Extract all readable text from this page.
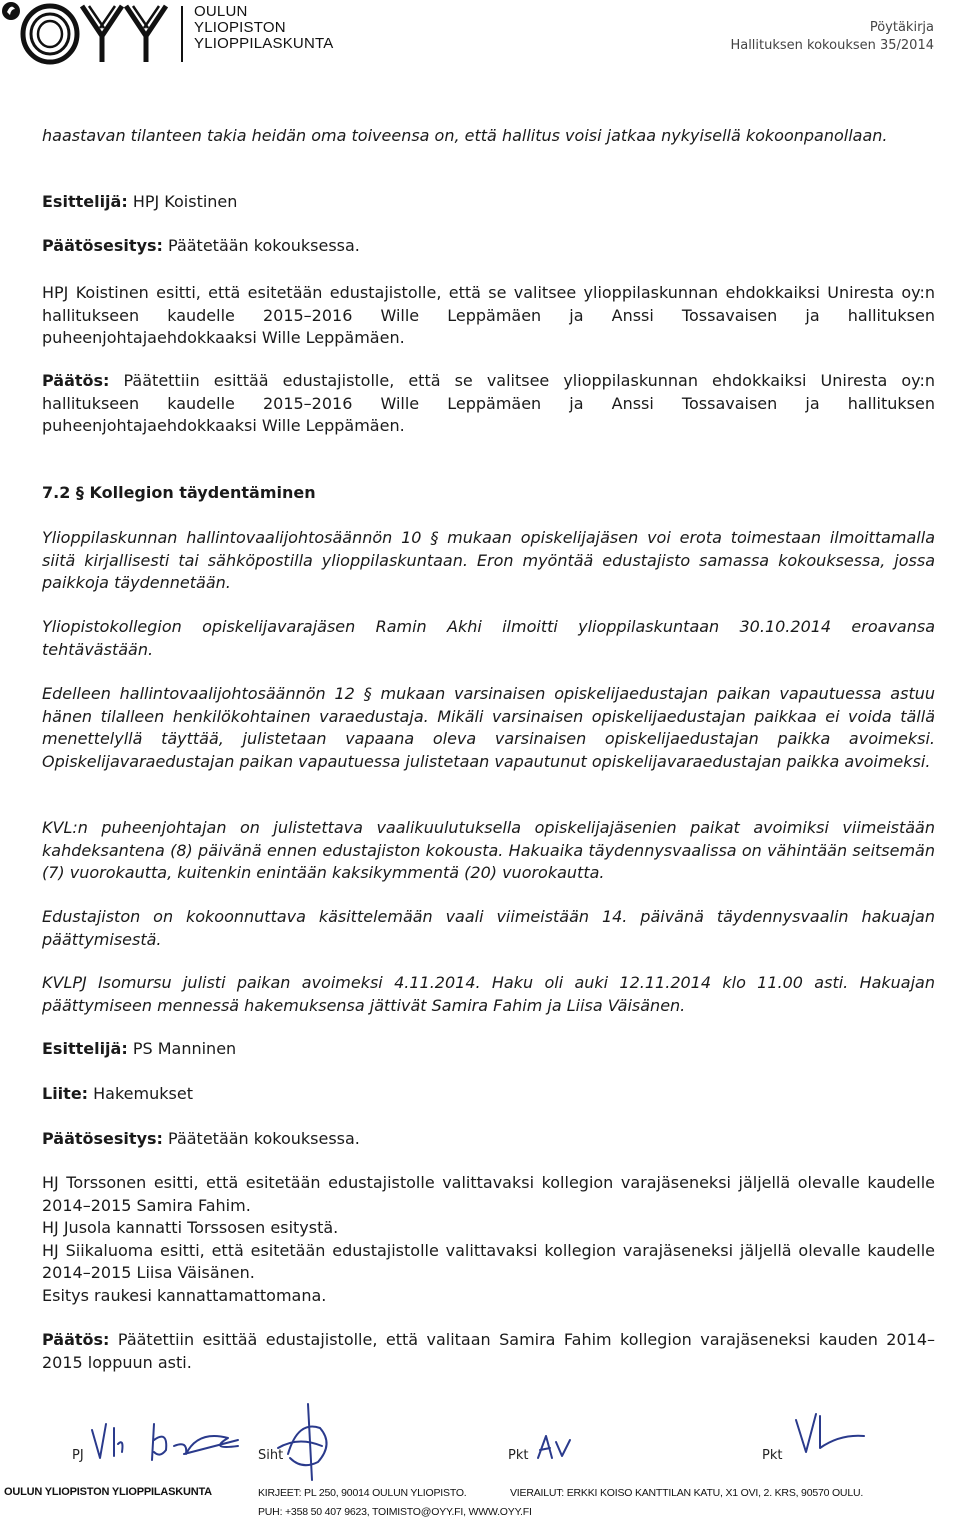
OULUN
YLIOPISTON
YLIOPPILASKUNTA
Pöytäkirja
Hallituksen kokouksen 35/2014

haastavan tilanteen takia heidän oma toiveensa on, että hallitus voisi jatkaa nykyisellä kokoonpanollaan.

Esittelijä: HPJ Koistinen

Päätösesitys: Päätetään kokouksessa.

HPJ Koistinen esitti, että esitetään edustajistolle, että se valitsee ylioppilaskunnan ehdokkaiksi Uniresta oy:n hallitukseen kaudelle 2015–2016 Wille Leppämäen ja Anssi Tossavaisen ja hallituksen puheenjohtajaehdokkaaksi Wille Leppämäen.

Päätös: Päätettiin esittää edustajistolle, että se valitsee ylioppilaskunnan ehdokkaiksi Uniresta oy:n hallitukseen kaudelle 2015–2016 Wille Leppämäen ja Anssi Tossavaisen ja hallituksen puheenjohtajaehdokkaaksi Wille Leppämäen.

7.2 § Kollegion täydentäminen

Ylioppilaskunnan hallintovaalijohtosäännön 10 § mukaan opiskelijajäsen voi erota toimestaan ilmoittamalla siitä kirjallisesti tai sähköpostilla ylioppilaskuntaan. Eron myöntää edustajisto samassa kokouksessa, jossa paikkoja täydennetään.

Yliopistokollegion opiskelijavarajäsen Ramin Akhi ilmoitti ylioppilaskuntaan 30.10.2014 eroavansa tehtävästään.

Edelleen hallintovaalijohtosäännön 12 § mukaan varsinaisen opiskelijaedustajan paikan vapautuessa astuu hänen tilalleen henkilökohtainen varaedustaja. Mikäli varsinaisen opiskelijaedustajan paikkaa ei voida tällä menettelyllä täyttää, julistetaan vapaana oleva varsinaisen opiskelijaedustajan paikka avoimeksi. Opiskelijavaraedustajan paikan vapautuessa julistetaan vapautunut opiskelijavaraedustajan paikka avoimeksi.

KVL:n puheenjohtajan on julistettava vaalikuulutuksella opiskelijajäsenien paikat avoimiksi viimeistään kahdeksantena (8) päivänä ennen edustajiston kokousta. Hakuaika täydennysvaalissa on vähintään seitsemän (7) vuorokautta, kuitenkin enintään kaksikymmentä (20) vuorokautta.

Edustajiston on kokoonnuttava käsittelemään vaali viimeistään 14. päivänä täydennysvaalin hakuajan päättymisestä.

KVLPJ Isomursu julisti paikan avoimeksi 4.11.2014. Haku oli auki 12.11.2014 klo 11.00 asti. Hakuajan päättymiseen mennessä hakemuksensa jättivät Samira Fahim ja Liisa Väisänen.

Esittelijä: PS Manninen

Liite: Hakemukset

Päätösesitys: Päätetään kokouksessa.

HJ Torssonen esitti, että esitetään edustajistolle valittavaksi kollegion varajäseneksi jäljellä olevalle kaudelle 2014–2015 Samira Fahim.
HJ Jusola kannatti Torssosen esitystä.
HJ Siikaluoma esitti, että esitetään edustajistolle valittavaksi kollegion varajäseneksi jäljellä olevalle kaudelle 2014–2015 Liisa Väisänen.
Esitys raukesi kannattamattomana.

Päätös: Päätettiin esittää edustajistolle, että valitaan Samira Fahim kollegion varajäseneksi kauden 2014–2015 loppuun asti.

PJ	Siht	Pkt	Pkt
OULUN YLIOPISTON YLIOPPILASKUNTA	KIRJEET: PL 250, 90014 OULUN YLIOPISTO.	VIERAILUT: ERKKI KOISO KANTTILAN KATU, X1 OVI, 2. KRS, 90570 OULU.
PUH: +358 50 407 9623, TOIMISTO@OYY.FI, WWW.OYY.FI
